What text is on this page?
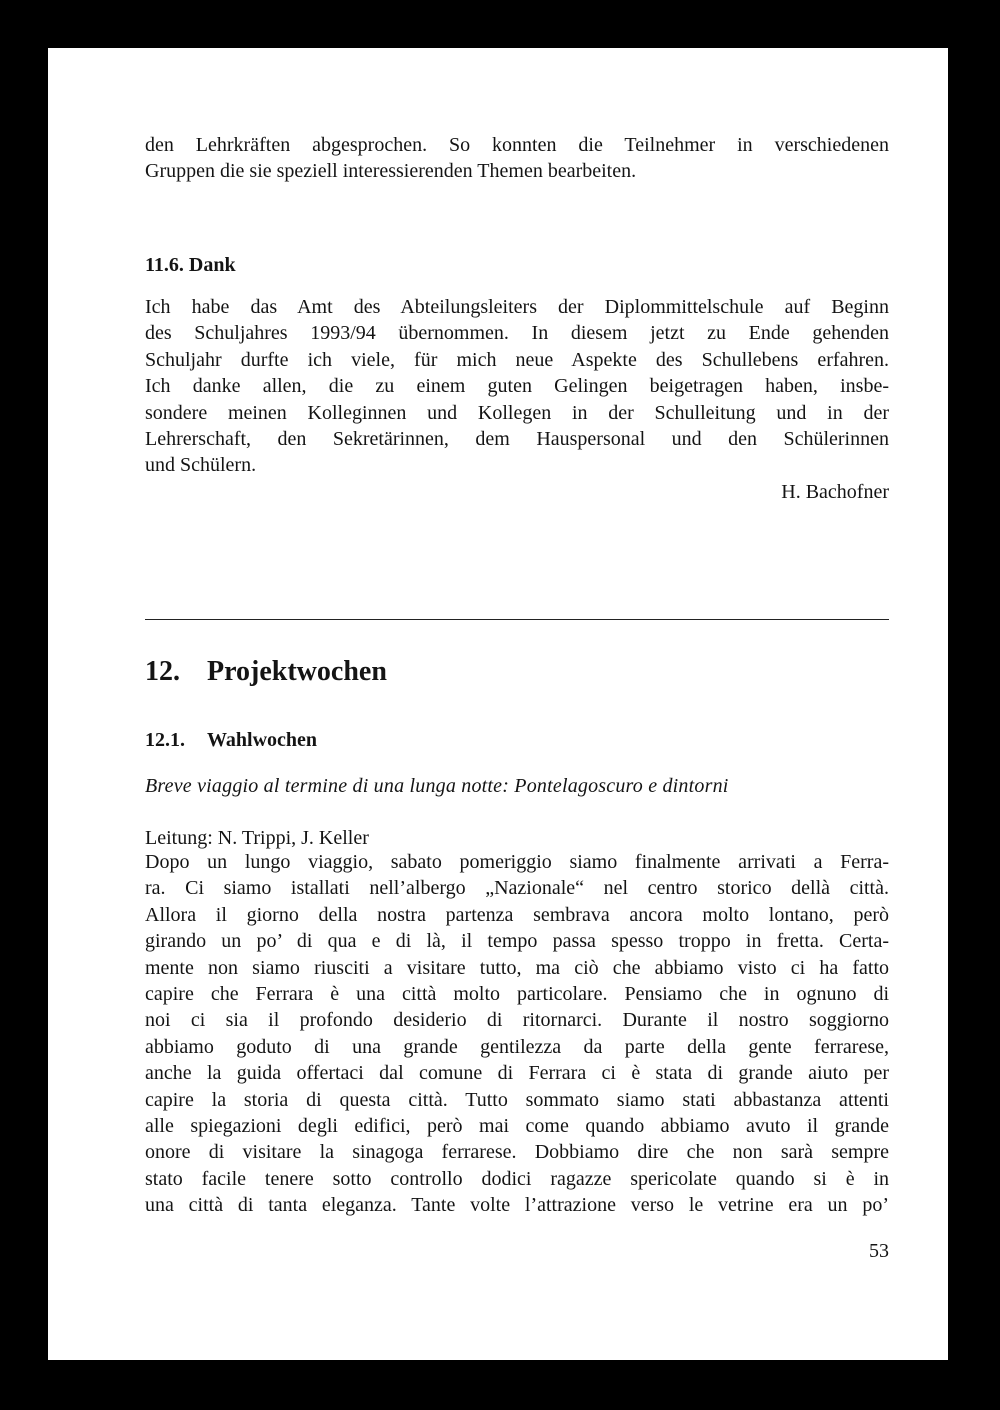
den Lehrkräften abgesprochen. So konnten die Teilnehmer in verschiedenen
Gruppen die sie speziell interessierenden Themen bearbeiten.

11.6. Dank

Ich habe das Amt des Abteilungsleiters der Diplommittelschule auf Beginn
des Schuljahres 1993/94 übernommen. In diesem jetzt zu Ende gehenden
Schuljahr durfte ich viele, für mich neue Aspekte des Schullebens erfahren.
Ich danke allen, die zu einem guten Gelingen beigetragen haben, insbe-
sondere meinen Kolleginnen und Kollegen in der Schulleitung und in der
Lehrerschaft, den Sekretärinnen, dem Hauspersonal und den Schülerinnen
und Schülern.
H. Bachofner
12. Projektwochen
12.1. Wahlwochen

Breve viaggio al termine di una lunga notte: Pontelagoscuro e dintorni

Leitung: N. Trippi, J. Keller

Dopo un lungo viaggio, sabato pomeriggio siamo finalmente arrivati a Ferra-
ra. Ci siamo istallati nell’albergo „Nazionale“ nel centro storico dellà città.
Allora il giorno della nostra partenza sembrava ancora molto lontano, però
girando un po’ di qua e di là, il tempo passa spesso troppo in fretta. Certa-
mente non siamo riusciti a visitare tutto, ma ciò che abbiamo visto ci ha fatto
capire che Ferrara è una città molto particolare. Pensiamo che in ognuno di
noi ci sia il profondo desiderio di ritornarci. Durante il nostro soggiorno
abbiamo goduto di una grande gentilezza da parte della gente ferrarese,
anche la guida offertaci dal comune di Ferrara ci è stata di grande aiuto per
capire la storia di questa città. Tutto sommato siamo stati abbastanza attenti
alle spiegazioni degli edifici, però mai come quando abbiamo avuto il grande
onore di visitare la sinagoga ferrarese. Dobbiamo dire che non sarà sempre
stato facile tenere sotto controllo dodici ragazze spericolate quando si è in
una città di tanta eleganza. Tante volte l’attrazione verso le vetrine era un po’
53
